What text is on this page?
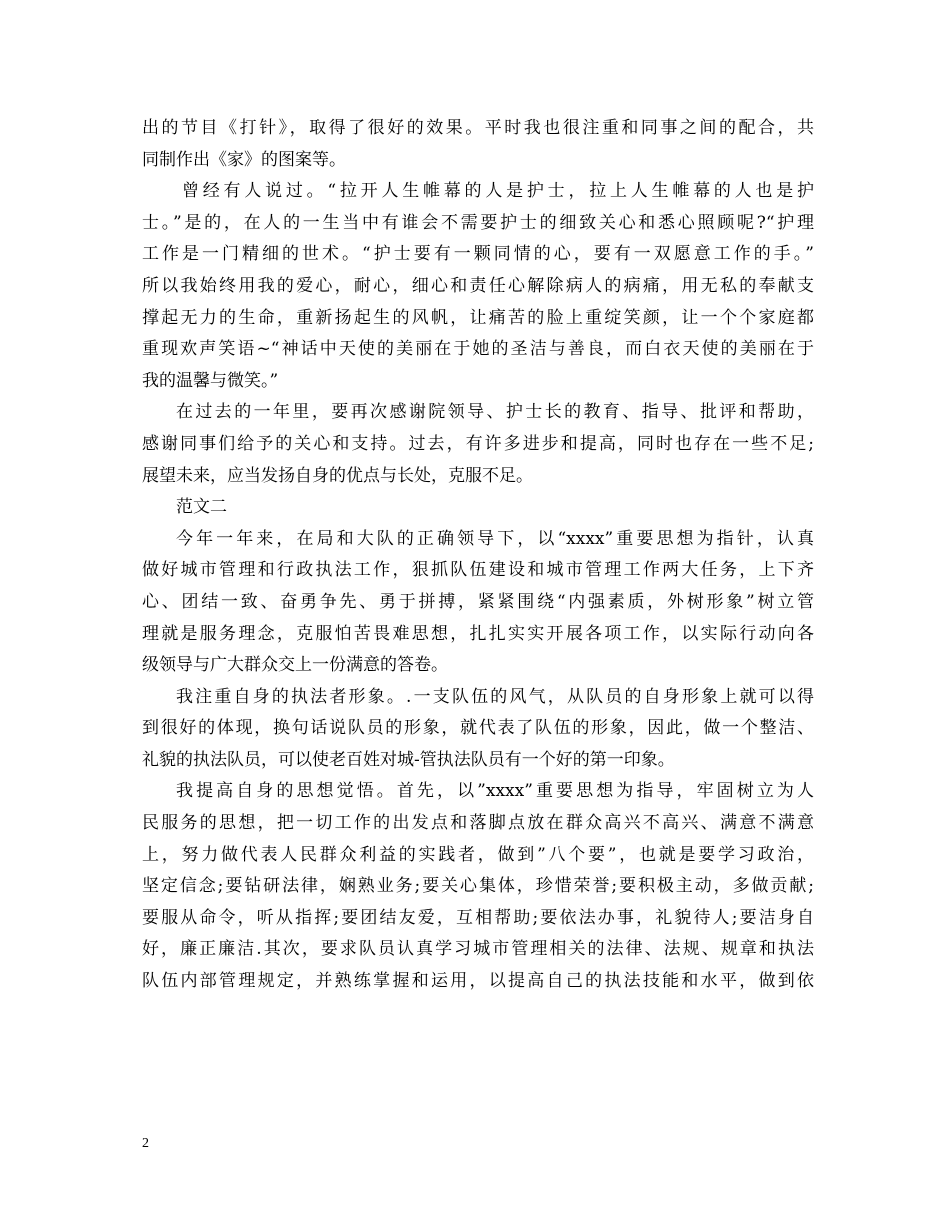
出的节目《打针》，取得了很好的效果。平时我也很注重和同事之间的配合，共
同制作出《家》的图案等。

曾经有人说过。“拉开人生帷幕的人是护士，拉上人生帷幕的人也是护
士。”是的，在人的一生当中有谁会不需要护士的细致关心和悉心照顾呢?“护理
工作是一门精细的世术。“护士要有一颗同情的心，要有一双愿意工作的手。”
所以我始终用我的爱心，耐心，细心和责任心解除病人的病痛，用无私的奉献支
撑起无力的生命，重新扬起生的风帆，让痛苦的脸上重绽笑颜，让一个个家庭都
重现欢声笑语~“神话中天使的美丽在于她的圣洁与善良，而白衣天使的美丽在于
我的温馨与微笑。”

在过去的一年里，要再次感谢院领导、护士长的教育、指导、批评和帮助，
感谢同事们给予的关心和支持。过去，有许多进步和提高，同时也存在一些不足;
展望未来，应当发扬自身的优点与长处，克服不足。

范文二

今年一年来，在局和大队的正确领导下，以“xxxx”重要思想为指针，认真
做好城市管理和行政执法工作，狠抓队伍建设和城市管理工作两大任务，上下齐
心、团结一致、奋勇争先、勇于拼搏，紧紧围绕“内强素质，外树形象”树立管
理就是服务理念，克服怕苦畏难思想，扎扎实实开展各项工作，以实际行动向各
级领导与广大群众交上一份满意的答卷。

我注重自身的执法者形象。.一支队伍的风气，从队员的自身形象上就可以得
到很好的体现，换句话说队员的形象，就代表了队伍的形象，因此，做一个整洁、
礼貌的执法队员，可以使老百姓对城-管执法队员有一个好的第一印象。

我提高自身的思想觉悟。首先，以”xxxx”重要思想为指导，牢固树立为人
民服务的思想，把一切工作的出发点和落脚点放在群众高兴不高兴、满意不满意
上，努力做代表人民群众利益的实践者，做到”八个要”，也就是要学习政治，
坚定信念;要钻研法律，娴熟业务;要关心集体，珍惜荣誉;要积极主动，多做贡献;
要服从命令，听从指挥;要团结友爱，互相帮助;要依法办事，礼貌待人;要洁身自
好，廉正廉洁.其次，要求队员认真学习城市管理相关的法律、法规、规章和执法
队伍内部管理规定，并熟练掌握和运用，以提高自己的执法技能和水平，做到依

2
